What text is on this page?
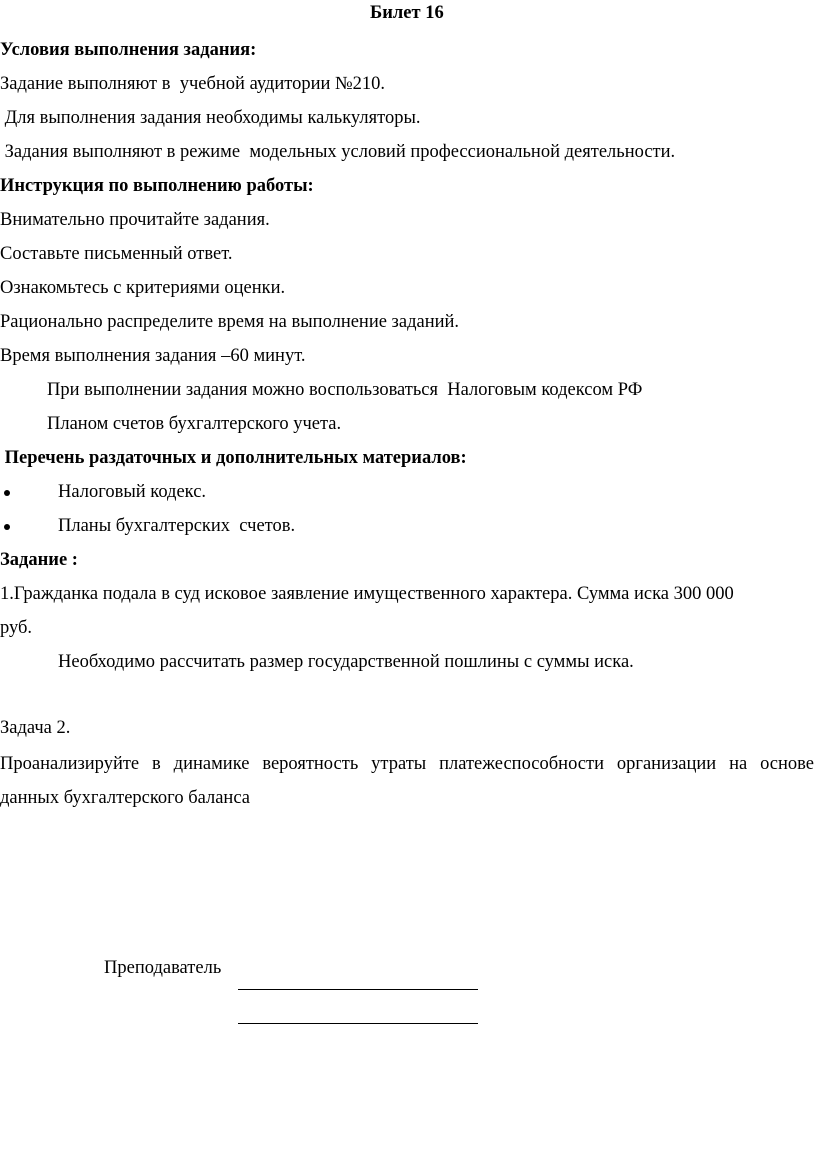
Билет 16
Условия выполнения задания:
Задание выполняют в  учебной аудитории №210.
Для выполнения задания необходимы калькуляторы.
Задания выполняют в режиме  модельных условий профессиональной деятельности.
Инструкция по выполнению работы:
Внимательно прочитайте задания.
Составьте письменный ответ.
Ознакомьтесь с критериями оценки.
Рационально распределите время на выполнение заданий.
Время выполнения задания –60 минут.
При выполнении задания можно воспользоваться  Налоговым кодексом РФ
Планом счетов бухгалтерского учета.
Перечень раздаточных и дополнительных материалов:
Налоговый кодекс.
Планы бухгалтерских  счетов.
Задание :
1.Гражданка подала в суд исковое заявление имущественного характера. Сумма иска 300 000
руб.
Необходимо рассчитать размер государственной пошлины с суммы иска.
Задача 2.
Проанализируйте в динамике вероятность утраты платежеспособности организации на основе
данных бухгалтерского баланса
Преподаватель
